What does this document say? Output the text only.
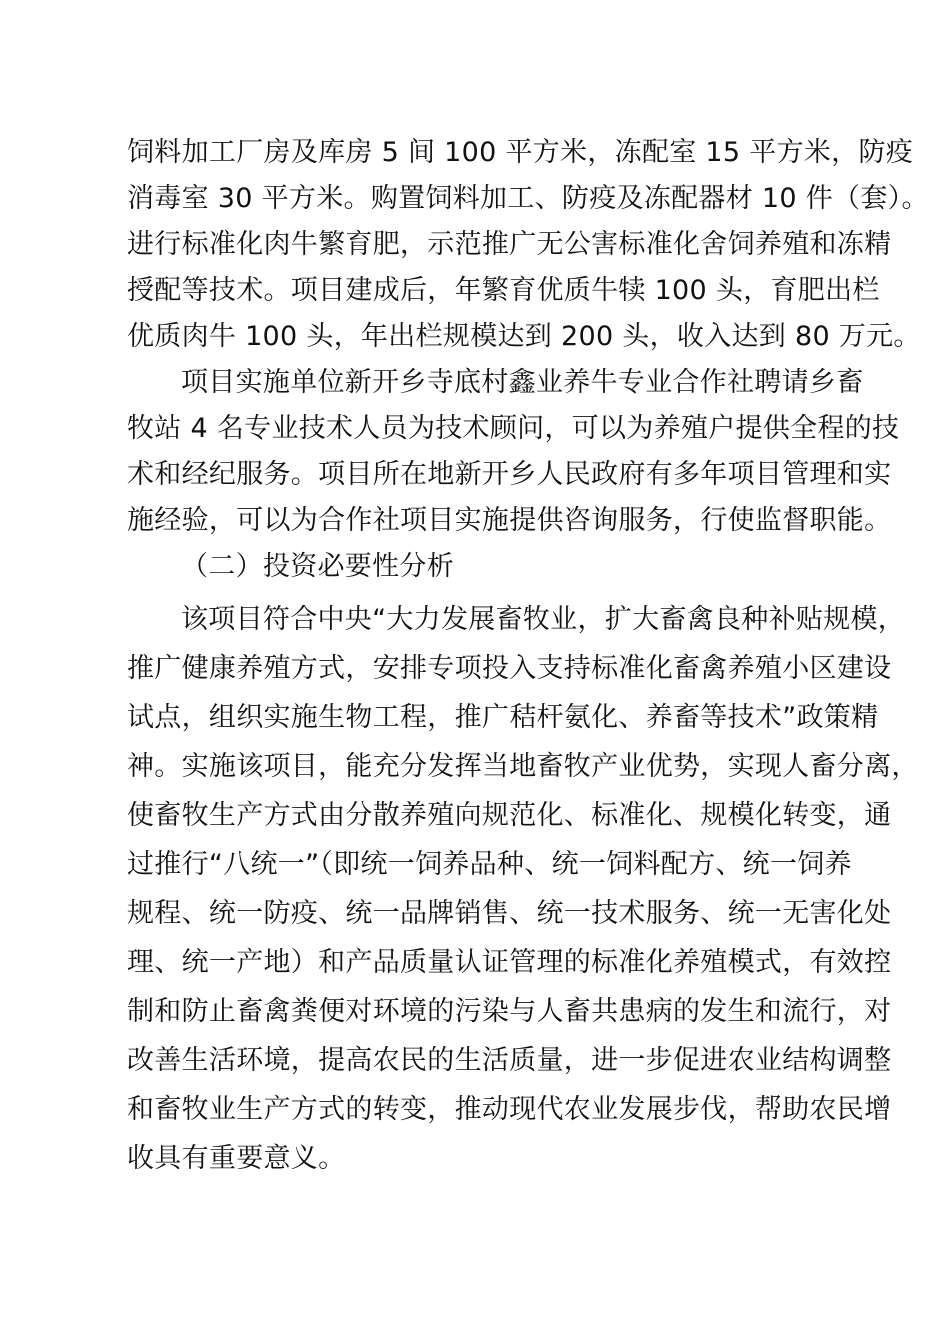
饲料加工厂房及库房 5 间 100 平方米，冻配室 15 平方米，防疫
消毒室 30 平方米。购置饲料加工、防疫及冻配器材 10 件（套）。
进行标准化肉牛繁育肥，示范推广无公害标准化舍饲养殖和冻精
授配等技术。项目建成后，年繁育优质牛犊 100 头，育肥出栏
优质肉牛 100 头，年出栏规模达到 200 头，收入达到 80 万元。
项目实施单位新开乡寺底村鑫业养牛专业合作社聘请乡畜
牧站 4 名专业技术人员为技术顾问，可以为养殖户提供全程的技
术和经纪服务。项目所在地新开乡人民政府有多年项目管理和实
施经验，可以为合作社项目实施提供咨询服务，行使监督职能。
（二）投资必要性分析
该项目符合中央“大力发展畜牧业，扩大畜禽良种补贴规模，
推广健康养殖方式，安排专项投入支持标准化畜禽养殖小区建设
试点，组织实施生物工程，推广秸杆氨化、养畜等技术”政策精
神。实施该项目，能充分发挥当地畜牧产业优势，实现人畜分离，
使畜牧生产方式由分散养殖向规范化、标准化、规模化转变，通
过推行“八统一”（即统一饲养品种、统一饲料配方、统一饲养
规程、统一防疫、统一品牌销售、统一技术服务、统一无害化处
理、统一产地）和产品质量认证管理的标准化养殖模式，有效控
制和防止畜禽粪便对环境的污染与人畜共患病的发生和流行，对
改善生活环境，提高农民的生活质量，进一步促进农业结构调整
和畜牧业生产方式的转变，推动现代农业发展步伐，帮助农民增
收具有重要意义。
